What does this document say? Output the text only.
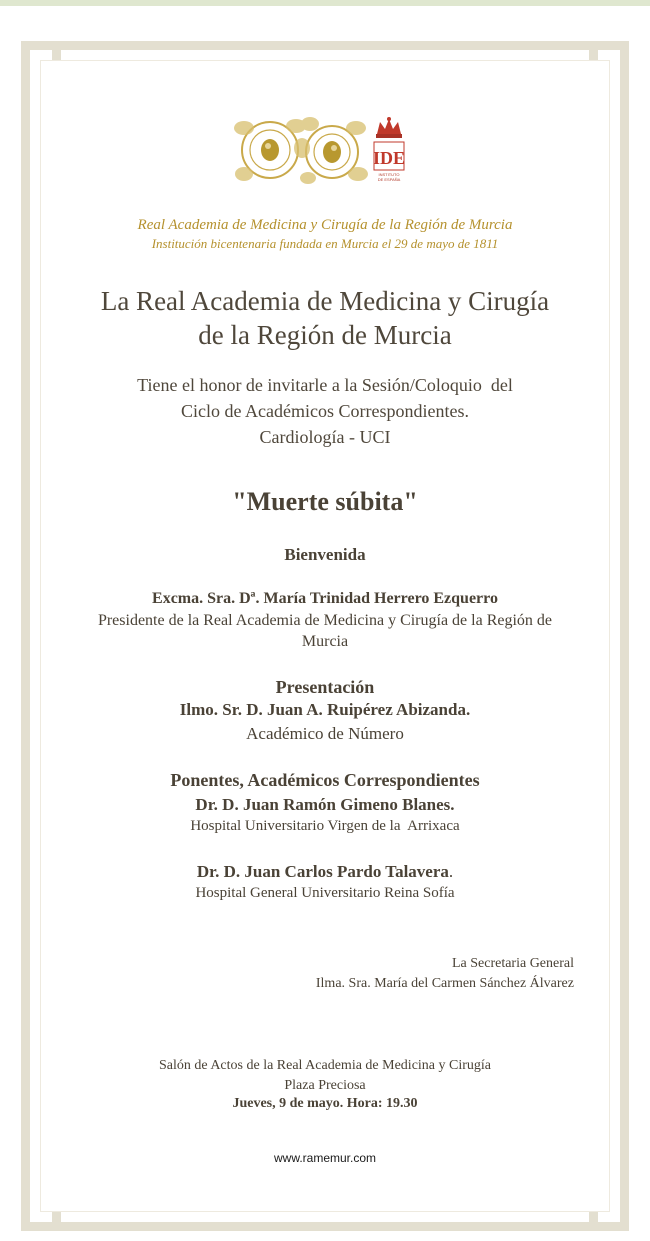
IDE
INSTITUTO
DE ESPAÑA
Real Academia de Medicina y Cirugía de la Región de Murcia
Institución bicentenaria fundada en Murcia el 29 de mayo de 1811
La Real Academia de Medicina y Cirugía
de la Región de Murcia
Tiene el honor de invitarle a la Sesión/Coloquio  del
Ciclo de Académicos Correspondientes.
Cardiología - UCI
"Muerte súbita"
Bienvenida
Excma. Sra. Dª. María Trinidad Herrero Ezquerro
Presidente de la Real Academia de Medicina y Cirugía de la Región de Murcia
Presentación
Ilmo. Sr. D. Juan A. Ruipérez Abizanda.
Académico de Número
Ponentes, Académicos Correspondientes
Dr. D. Juan Ramón Gimeno Blanes.
Hospital Universitario Virgen de la  Arrixaca
Dr. D. Juan Carlos Pardo Talavera.
Hospital General Universitario Reina Sofía
La Secretaria General
Ilma. Sra. María del Carmen Sánchez Álvarez
Salón de Actos de la Real Academia de Medicina y Cirugía
Plaza Preciosa
Jueves, 9 de mayo. Hora: 19.30
www.ramemur.com
